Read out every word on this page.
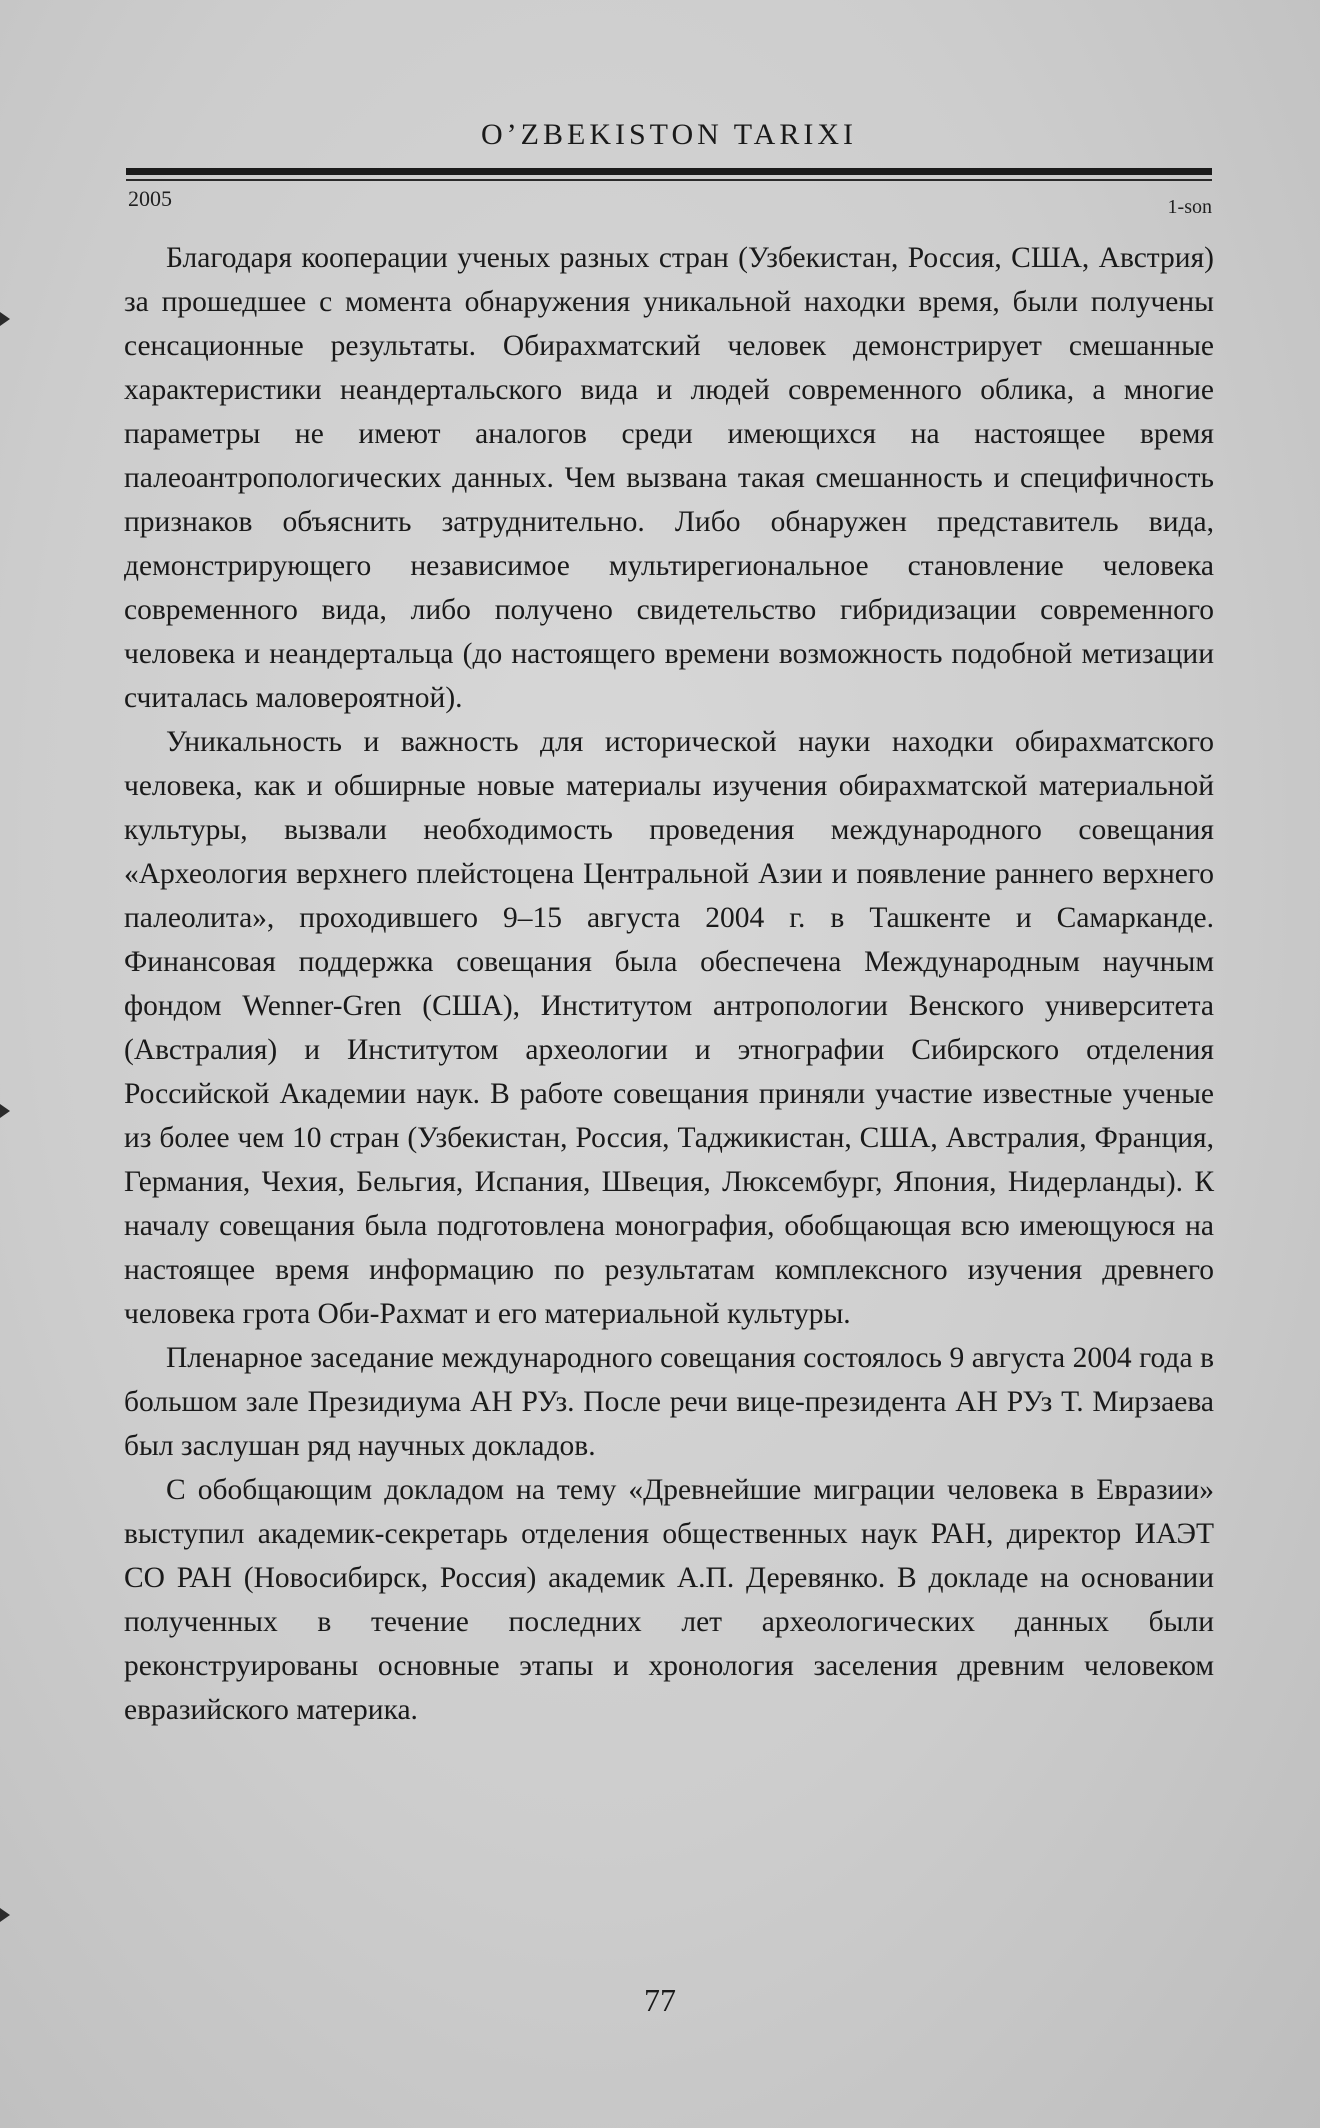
O’ZBEKISTON TARIXI
2005	1-son

Благодаря кооперации ученых разных стран (Узбекистан, Россия, США, Австрия) за прошедшее с момента обнаружения уникальной находки время, были получены сенсационные результаты. Обирахматский человек демонстрирует смешанные характеристики неандертальского вида и людей современного облика, а многие параметры не имеют аналогов среди имеющихся на настоящее время палеоантропологических данных. Чем вызвана такая смешанность и специфичность признаков объяснить затруднительно. Либо обнаружен представитель вида, демонстрирующего независимое мультирегиональное становление человека современного вида, либо получено свидетельство гибридизации современного человека и неандертальца (до настоящего времени возможность подобной метизации считалась маловероятной).

Уникальность и важность для исторической науки находки обирахматского человека, как и обширные новые материалы изучения обирахматской материальной культуры, вызвали необходимость проведения международного совещания «Археология верхнего плейстоцена Центральной Азии и появление раннего верхнего палеолита», проходившего 9–15 августа 2004 г. в Ташкенте и Самарканде. Финансовая поддержка совещания была обеспечена Международным научным фондом Wenner-Gren (США), Институтом антропологии Венского университета (Австралия) и Институтом археологии и этнографии Сибирского отделения Российской Академии наук. В работе совещания приняли участие известные ученые из более чем 10 стран (Узбекистан, Россия, Таджикистан, США, Австралия, Франция, Германия, Чехия, Бельгия, Испания, Швеция, Люксембург, Япония, Нидерланды). К началу совещания была подготовлена монография, обобщающая всю имеющуюся на настоящее время информацию по результатам комплексного изучения древнего человека грота Оби-Рахмат и его материальной культуры.

Пленарное заседание международного совещания состоялось 9 августа 2004 года в большом зале Президиума АН РУз. После речи вице-президента АН РУз Т. Мирзаева был заслушан ряд научных докладов.

С обобщающим докладом на тему «Древнейшие миграции человека в Евразии» выступил академик-секретарь отделения общественных наук РАН, директор ИАЭТ СО РАН (Новосибирск, Россия) академик А.П. Деревянко. В докладе на основании полученных в течение последних лет археологических данных были реконструированы основные этапы и хронология заселения древним человеком евразийского материка.

77
